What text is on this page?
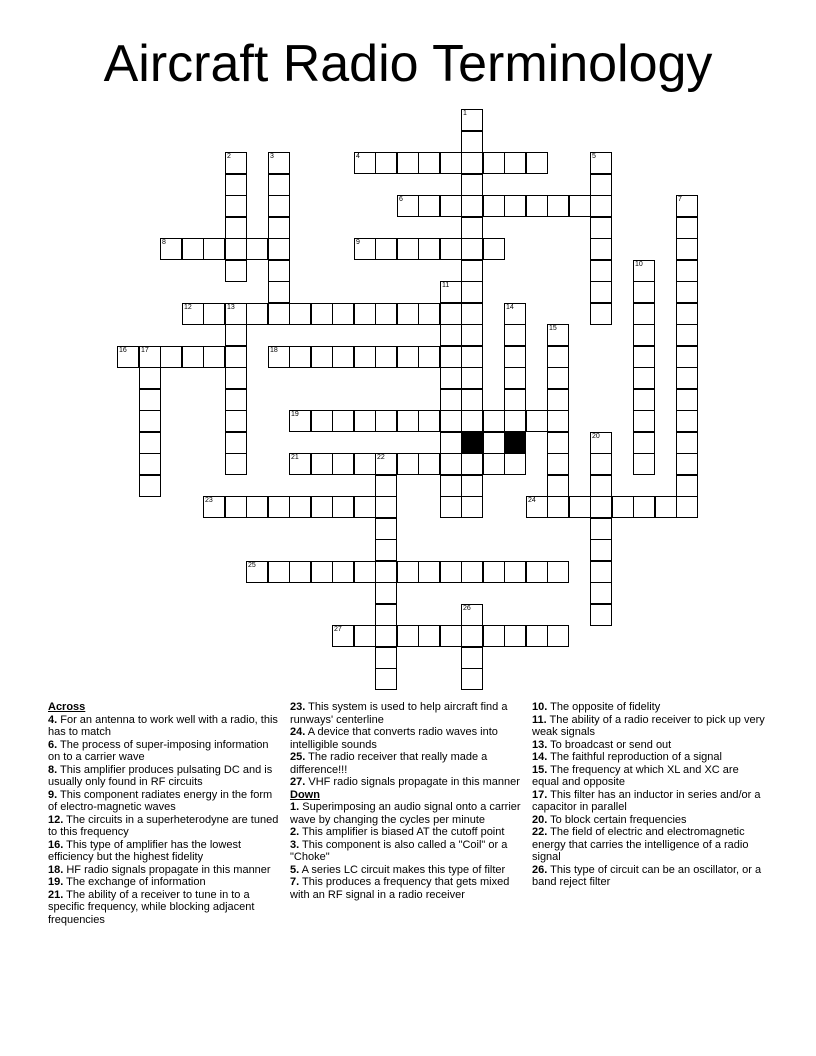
Aircraft Radio Terminology
1
2	3	4	5
6	7
8	9
10
11
12	13	14
15
16 17	18
19
20
21	22
23	24
25
26
27
Across
4. For an antenna to work well with a radio, this has to match
6. The process of super-imposing information on to a carrier wave
8. This amplifier produces pulsating DC and is usually only found in RF circuits
9. This component radiates energy in the form of electro-magnetic waves
12. The circuits in a superheterodyne are tuned to this frequency
16. This type of amplifier has the lowest efficiency but the highest fidelity
18. HF radio signals propagate in this manner
19. The exchange of information
21. The ability of a receiver to tune in to a specific frequency, while blocking adjacent frequencies
23. This system is used to help aircraft find a runways' centerline
24. A device that converts radio waves into intelligible sounds
25. The radio receiver that really made a difference!!!
27. VHF radio signals propagate in this manner
Down
1. Superimposing an audio signal onto a carrier wave by changing the cycles per minute
2. This amplifier is biased AT the cutoff point
3. This component is also called a "Coil" or a "Choke"
5. A series LC circuit makes this type of filter
7. This produces a frequency that gets mixed with an RF signal in a radio receiver
10. The opposite of fidelity
11. The ability of a radio receiver to pick up very weak signals
13. To broadcast or send out
14. The faithful reproduction of a signal
15. The frequency at which XL and XC are equal and opposite
17. This filter has an inductor in series and/or a capacitor in parallel
20. To block certain frequencies
22. The field of electric and electromagnetic energy that carries the intelligence of a radio signal
26. This type of circuit can be an oscillator, or a band reject filter
